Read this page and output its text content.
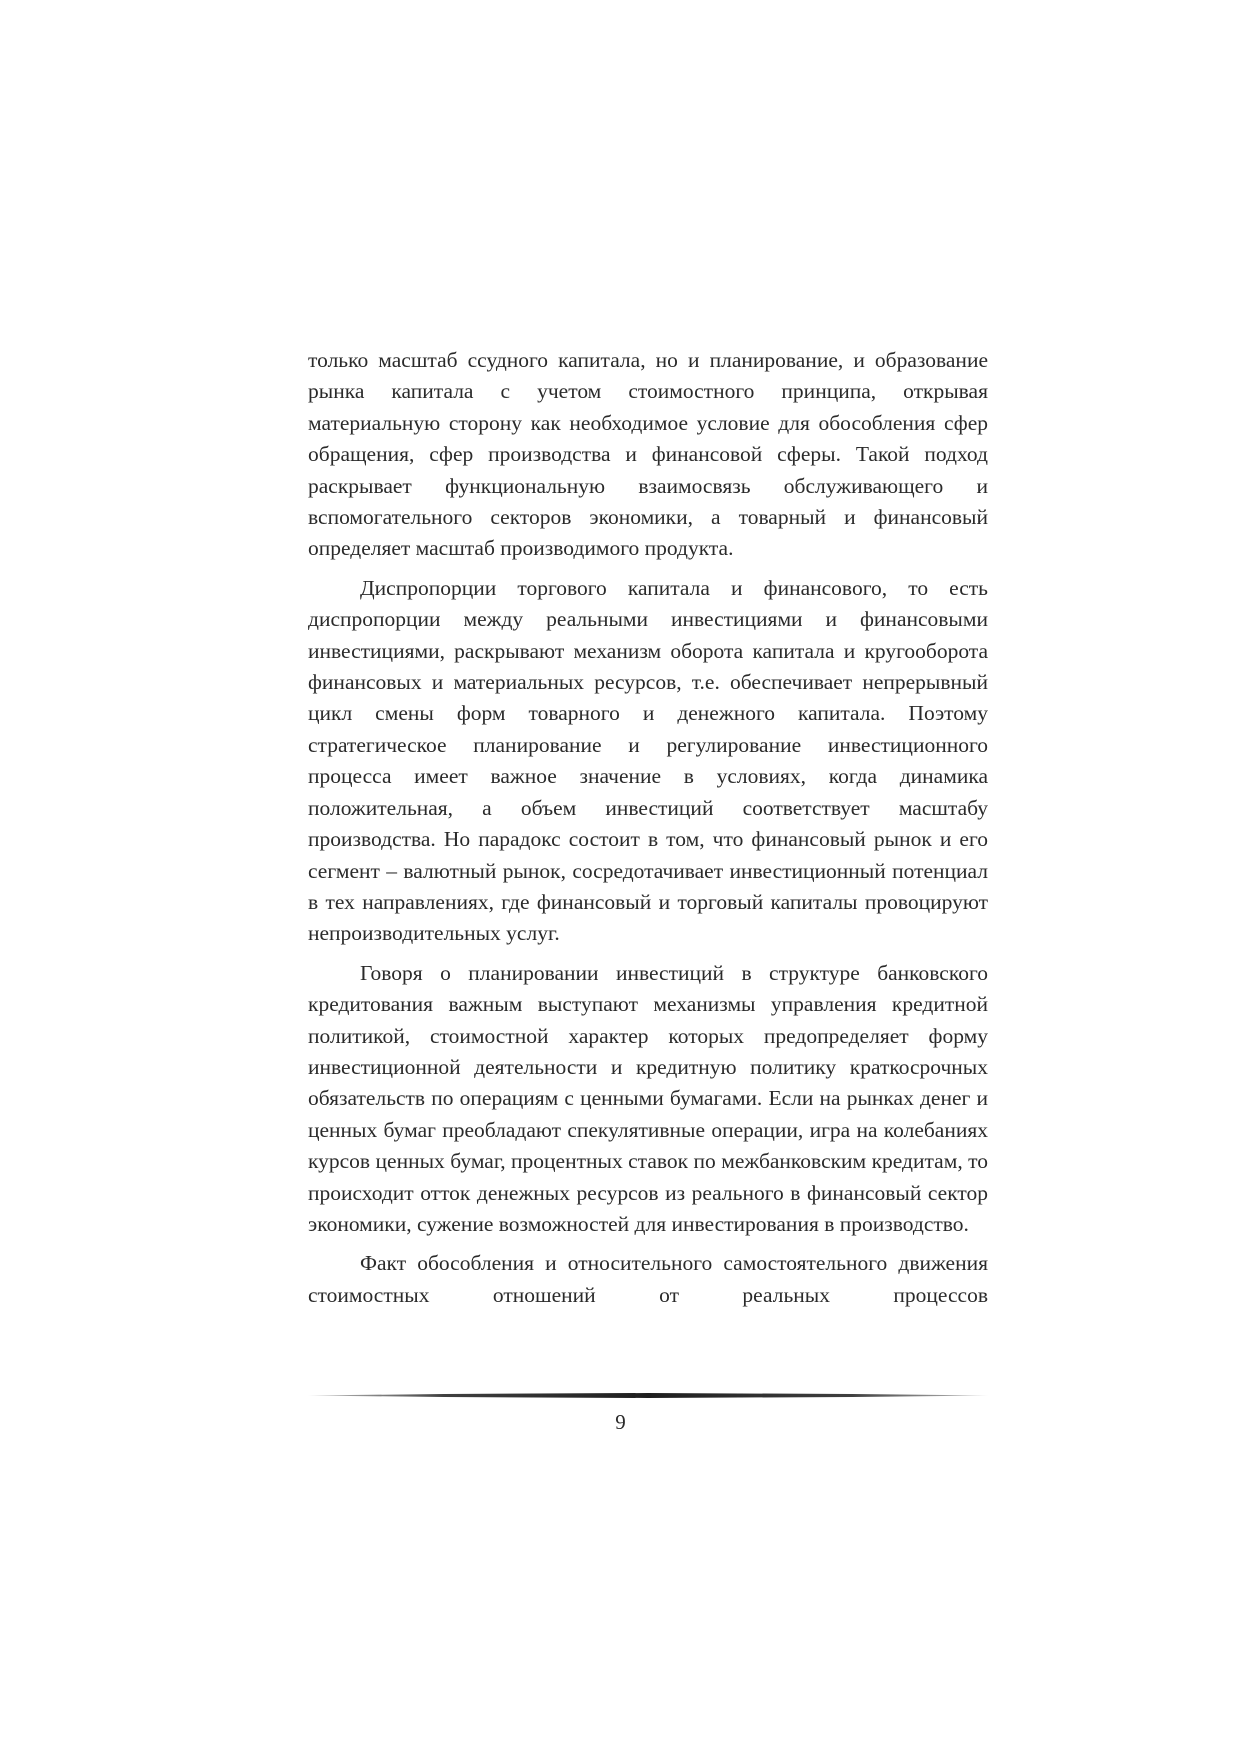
только масштаб ссудного капитала, но и планирование, и образование рынка капитала с учетом стоимостного принципа, открывая материальную сторону как необходимое условие для обособления сфер обращения, сфер производства и финансовой сферы. Такой подход раскрывает функциональную взаимосвязь обслуживающего и вспомогательного секторов экономики, а товарный и финансовый определяет масштаб производимого продукта.

Диспропорции торгового капитала и финансового, то есть диспропорции между реальными инвестициями и финансовыми инвестициями, раскрывают механизм оборота капитала и кругооборота финансовых и материальных ресурсов, т.е. обеспечивает непрерывный цикл смены форм товарного и денежного капитала. Поэтому стратегическое планирование и регулирование инвестиционного процесса имеет важное значение в условиях, когда динамика положительная, а объем инвестиций соответствует масштабу производства. Но парадокс состоит в том, что финансовый рынок и его сегмент – валютный рынок, сосредотачивает инвестиционный потенциал в тех направлениях, где финансовый и торговый капиталы провоцируют непроизводительных услуг.

Говоря о планировании инвестиций в структуре банковского кредитования важным выступают механизмы управления кредитной политикой, стоимостной характер которых предопределяет форму инвестиционной деятельности и кредитную политику краткосрочных обязательств по операциям с ценными бумагами. Если на рынках денег и ценных бумаг преобладают спекулятивные операции, игра на колебаниях курсов ценных бумаг, процентных ставок по межбанковским кредитам, то происходит отток денежных ресурсов из реального в финансовый сектор экономики, сужение возможностей для инвестирования в производство.

Факт обособления и относительного самостоятельного движения стоимостных отношений от реальных процессов

9
